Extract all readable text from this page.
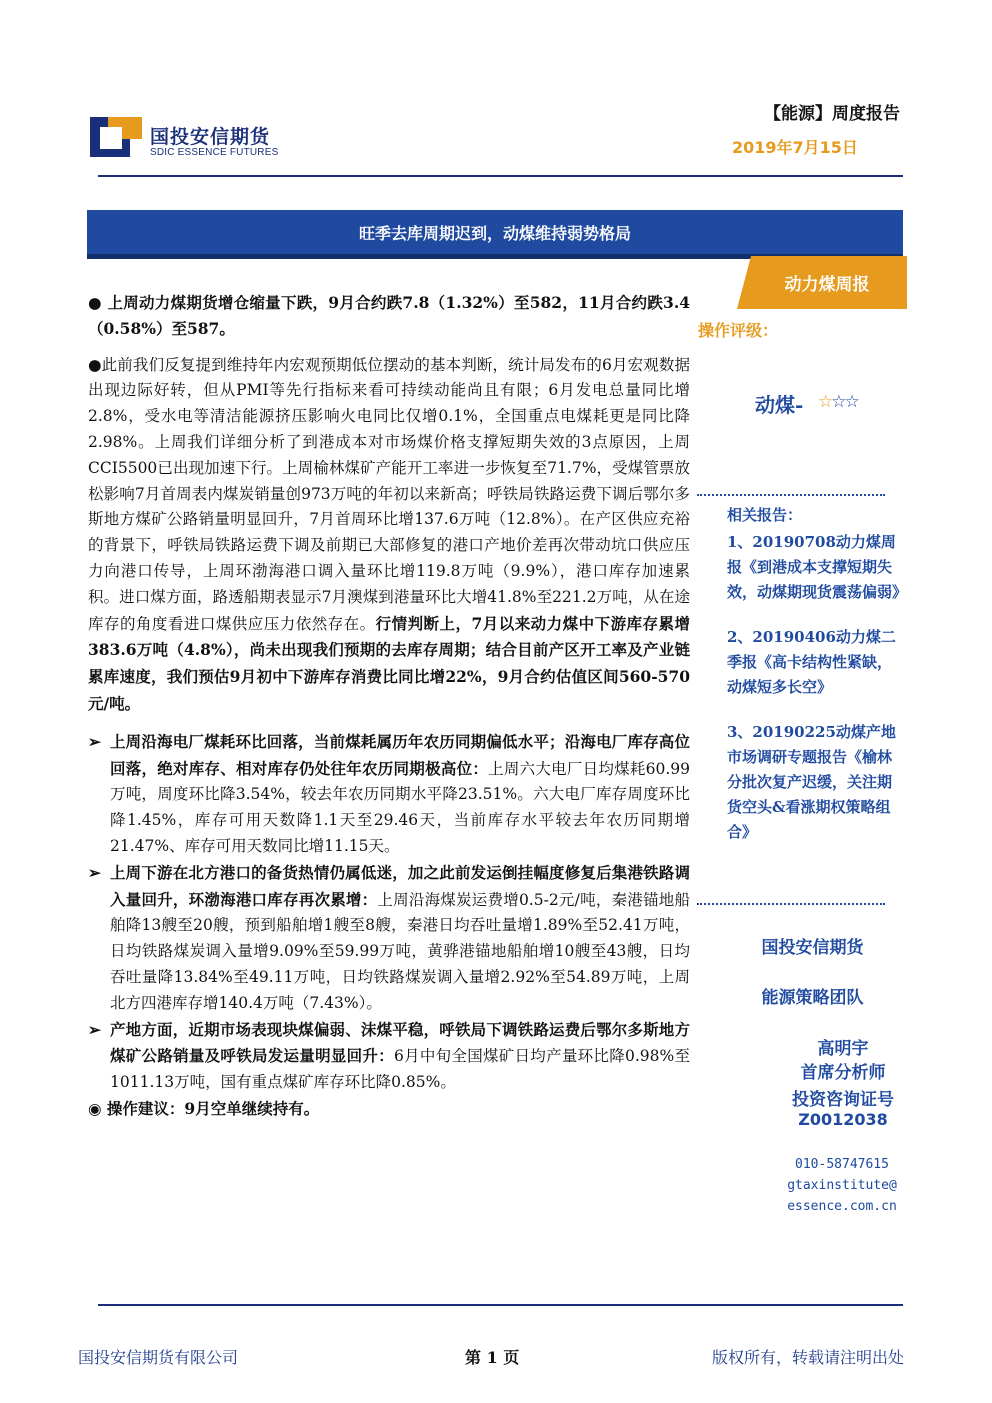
国投安信期货
SDIC ESSENCE FUTURES
【能源】周度报告
2019年7月15日
旺季去库周期迟到，动煤维持弱势格局
动力煤周报
操作评级：
动煤- ☆☆☆
相关报告：
1、20190708动力煤周报《到港成本支撑短期失效，动煤期现货震荡偏弱》
2、20190406动力煤二季报《高卡结构性紧缺，动煤短多长空》
3、20190225动煤产地市场调研专题报告《榆林分批次复产迟缓，关注期货空头&看涨期权策略组合》
国投安信期货
能源策略团队
高明宇
首席分析师
投资咨询证号
Z0012038
010-58747615
gtaxinstitute@
essence.com.cn

● 上周动力煤期货增仓缩量下跌，9月合约跌7.8（1.32%）至582，11月合约跌3.4（0.58%）至587。

●此前我们反复提到维持年内宏观预期低位摆动的基本判断，统计局发布的6月宏观数据出现边际好转，但从PMI等先行指标来看可持续动能尚且有限；6月发电总量同比增2.8%，受水电等清洁能源挤压影响火电同比仅增0.1%，全国重点电煤耗更是同比降2.98%。上周我们详细分析了到港成本对市场煤价格支撑短期失效的3点原因，上周CCI5500已出现加速下行。上周榆林煤矿产能开工率进一步恢复至71.7%，受煤管票放松影响7月首周表内煤炭销量创973万吨的年初以来新高；呼铁局铁路运费下调后鄂尔多斯地方煤矿公路销量明显回升，7月首周环比增137.6万吨（12.8%）。在产区供应充裕的背景下，呼铁局铁路运费下调及前期已大部修复的港口产地价差再次带动坑口供应压力向港口传导，上周环渤海港口调入量环比增119.8万吨（9.9%），港口库存加速累积。进口煤方面，路透船期表显示7月澳煤到港量环比大增41.8%至221.2万吨，从在途库存的角度看进口煤供应压力依然存在。行情判断上，7月以来动力煤中下游库存累增383.6万吨（4.8%），尚未出现我们预期的去库存周期；结合目前产区开工率及产业链累库速度，我们预估9月初中下游库存消费比同比增22%，9月合约估值区间560-570元/吨。

➢ 上周沿海电厂煤耗环比回落，当前煤耗属历年农历同期偏低水平；沿海电厂库存高位回落，绝对库存、相对库存仍处往年农历同期极高位：上周六大电厂日均煤耗60.99万吨，周度环比降3.54%，较去年农历同期水平降23.51%。六大电厂库存周度环比降1.45%，库存可用天数降1.1天至29.46天，当前库存水平较去年农历同期增21.47%、库存可用天数同比增11.15天。
➢ 上周下游在北方港口的备货热情仍属低迷，加之此前发运倒挂幅度修复后集港铁路调入量回升，环渤海港口库存再次累增：上周沿海煤炭运费增0.5-2元/吨，秦港锚地船舶降13艘至20艘，预到船舶增1艘至8艘，秦港日均吞吐量增1.89%至52.41万吨，日均铁路煤炭调入量增9.09%至59.99万吨，黄骅港锚地船舶增10艘至43艘，日均吞吐量降13.84%至49.11万吨，日均铁路煤炭调入量增2.92%至54.89万吨，上周北方四港库存增140.4万吨（7.43%）。
➢ 产地方面，近期市场表现块煤偏弱、沫煤平稳，呼铁局下调铁路运费后鄂尔多斯地方煤矿公路销量及呼铁局发运量明显回升：6月中旬全国煤矿日均产量环比降0.98%至1011.13万吨，国有重点煤矿库存环比降0.85%。
◉ 操作建议：9月空单继续持有。
国投安信期货有限公司	第 1 页	版权所有，转载请注明出处
